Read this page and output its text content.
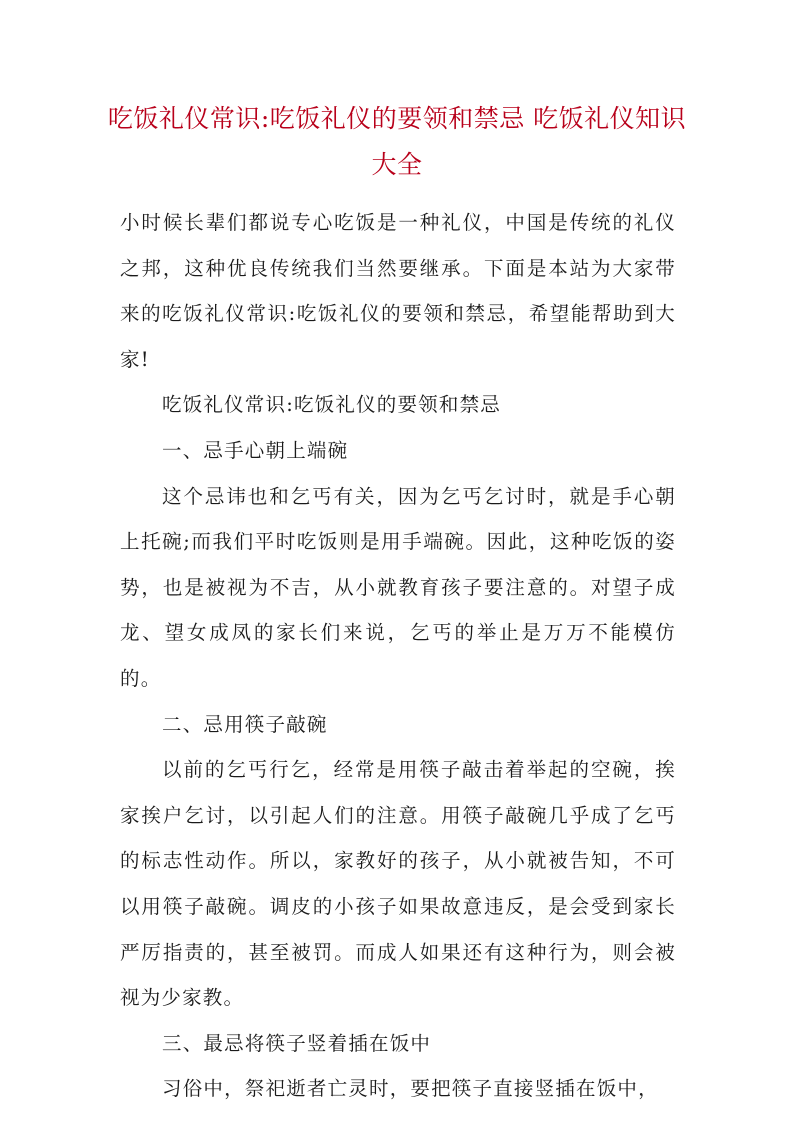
吃饭礼仪常识:吃饭礼仪的要领和禁忌 吃饭礼仪知识大全

小时候长辈们都说专心吃饭是一种礼仪，中国是传统的礼仪之邦，这种优良传统我们当然要继承。下面是本站为大家带来的吃饭礼仪常识:吃饭礼仪的要领和禁忌，希望能帮助到大家!

吃饭礼仪常识:吃饭礼仪的要领和禁忌

一、忌手心朝上端碗

这个忌讳也和乞丐有关，因为乞丐乞讨时，就是手心朝上托碗;而我们平时吃饭则是用手端碗。因此，这种吃饭的姿势，也是被视为不吉，从小就教育孩子要注意的。对望子成龙、望女成凤的家长们来说，乞丐的举止是万万不能模仿的。

二、忌用筷子敲碗

以前的乞丐行乞，经常是用筷子敲击着举起的空碗，挨家挨户乞讨，以引起人们的注意。用筷子敲碗几乎成了乞丐的标志性动作。所以，家教好的孩子，从小就被告知，不可以用筷子敲碗。调皮的小孩子如果故意违反，是会受到家长严厉指责的，甚至被罚。而成人如果还有这种行为，则会被视为少家教。

三、最忌将筷子竖着插在饭中

习俗中，祭祀逝者亡灵时，要把筷子直接竖插在饭中，
